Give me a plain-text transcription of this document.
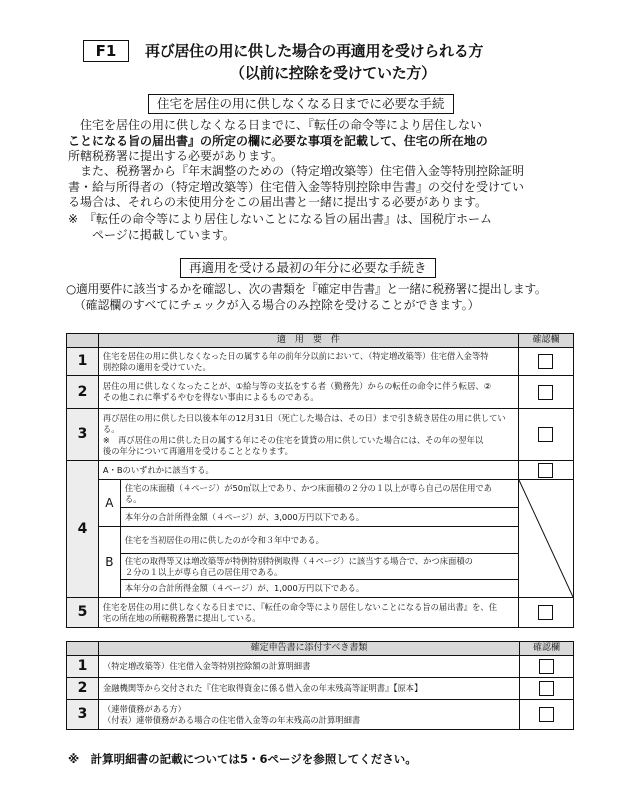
F1	再び居住の用に供した場合の再適用を受けられる方
（以前に控除を受けていた方）
住宅を居住の用に供しなくなる日までに必要な手続
　住宅を居住の用に供しなくなる日までに、『転任の命令等により居住しない
ことになる旨の届出書』の所定の欄に必要な事項を記載して、住宅の所在地の
所轄税務署に提出する必要があります。
　また、税務署から『年末調整のための（特定増改築等）住宅借入金等特別控除証明
書・給与所得者の（特定増改築等）住宅借入金等特別控除申告書』の交付を受けてい
る場合は、それらの未使用分をこの届出書と一緒に提出する必要があります。
※　『転任の命令等により居住しないことになる旨の届出書』は、国税庁ホーム
　　ページに掲載しています。
再適用を受ける最初の年分に必要な手続き
○適用要件に該当するかを確認し、次の書類を『確定申告書』と一緒に税務署に提出します。
（確認欄のすべてにチェックが入る場合のみ控除を受けることができます。）
	適　用　要　件		確認欄
1	住宅を居住の用に供しなくなった日の属する年の前年分以前において、（特定増改築等）住宅借入金等特
別控除の適用を受けていた。		

2	居住の用に供しなくなったことが、①給与等の支払をする者（勤務先）からの転任の命令に伴う転居、②
その他これに準ずるやむを得ない事由によるものである。		

3	再び居住の用に供した日以後本年の12月31日（死亡した場合は、その日）まで引き続き居住の用に供してい
る。
※　再び居住の用に供した日の属する年にその住宅を賃貸の用に供していた場合には、その年の翌年以
後の年分について再適用を受けることとなります。		

4	A・Bのいずれかに該当する。		
	A	住宅の床面積（４ページ）が50㎡以上であり、かつ床面積の２分の１以上が専ら自己の居住用であ
る。

		本年分の合計所得金額（４ページ）が、3,000万円以下である。	
	B	住宅を当初居住の用に供したのが令和３年中である。	

		住宅の取得等又は増改築等が特例特別特例取得（４ページ）に該当する場合で、かつ床面積の
２分の１以上が専ら自己の居住用である。	

		本年分の合計所得金額（４ページ）が、1,000万円以下である。	
5	住宅を居住の用に供しなくなる日までに、『転任の命令等により居住しないことになる旨の届出書』を、住
宅の所在地の所轄税務署に提出している。		

	確定申告書に添付すべき書類	確認欄
1	（特定増改築等）住宅借入金等特別控除額の計算明細書	
2	金融機関等から交付された『住宅取得資金に係る借入金の年末残高等証明書』【原本】	
3	（連帯債務がある方）
（付表）連帯債務がある場合の住宅借入金等の年末残高の計算明細書	

※　計算明細書の記載については5・6ページを参照してください。
